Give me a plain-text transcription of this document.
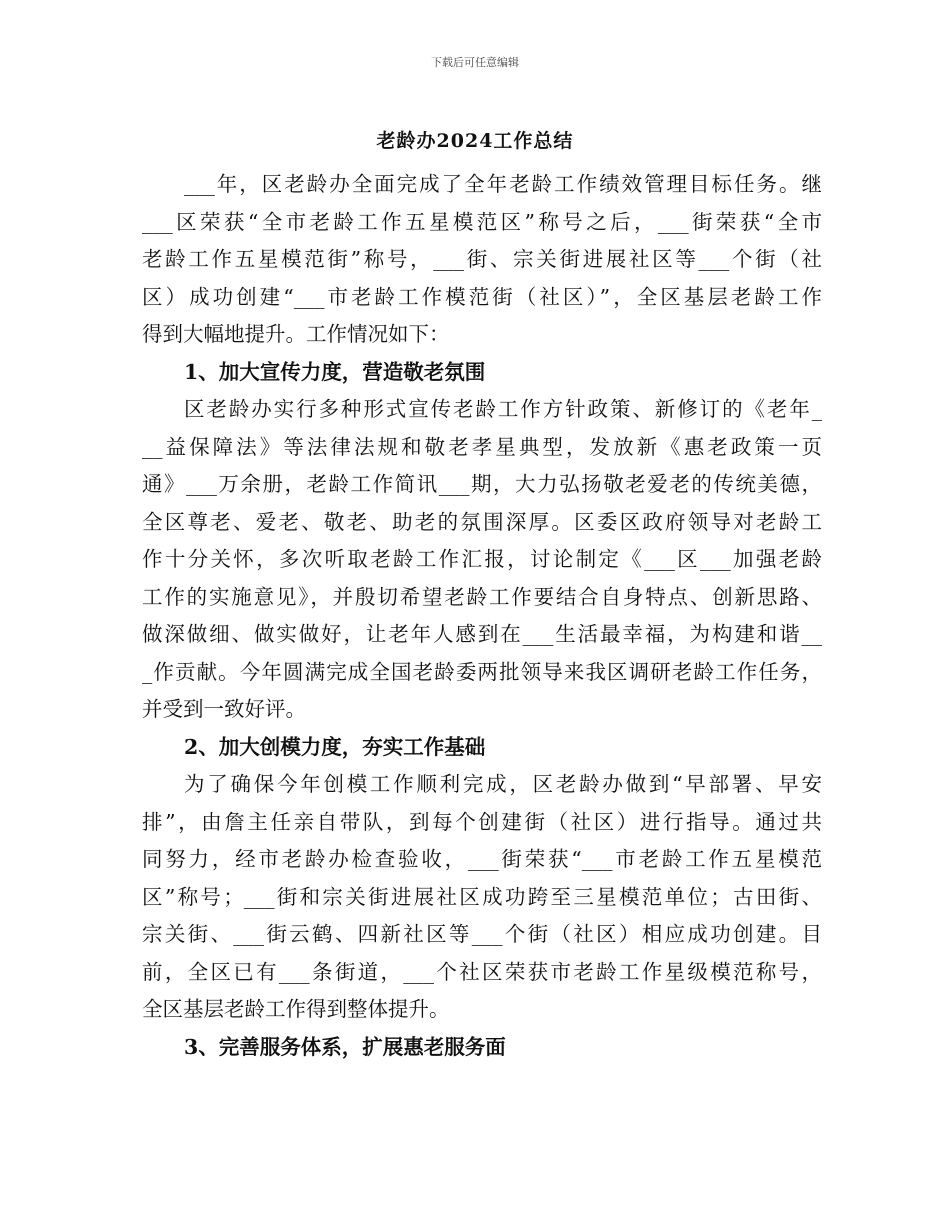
下载后可任意编辑
老龄办2024工作总结
___年，区老龄办全面完成了全年老龄工作绩效管理目标任务。继
___区荣获“全市老龄工作五星模范区”称号之后，___街荣获“全市
老龄工作五星模范街”称号，___街、宗关街进展社区等___个街（社
区）成功创建“___市老龄工作模范街（社区）”，全区基层老龄工作
得到大幅地提升。工作情况如下：
1、加大宣传力度，营造敬老氛围
区老龄办实行多种形式宣传老龄工作方针政策、新修订的《老年_
__益保障法》等法律法规和敬老孝星典型，发放新《惠老政策一页
通》___万余册，老龄工作简讯___期，大力弘扬敬老爱老的传统美德，
全区尊老、爱老、敬老、助老的氛围深厚。区委区政府领导对老龄工
作十分关怀，多次听取老龄工作汇报，讨论制定《___区___加强老龄
工作的实施意见》，并殷切希望老龄工作要结合自身特点、创新思路、
做深做细、做实做好，让老年人感到在___生活最幸福，为构建和谐__
_作贡献。今年圆满完成全国老龄委两批领导来我区调研老龄工作任务，
并受到一致好评。
2、加大创模力度，夯实工作基础
为了确保今年创模工作顺利完成，区老龄办做到“早部署、早安
排”，由詹主任亲自带队，到每个创建街（社区）进行指导。通过共
同努力，经市老龄办检查验收，___街荣获“___市老龄工作五星模范
区”称号；___街和宗关街进展社区成功跨至三星模范单位；古田街、
宗关街、___街云鹤、四新社区等___个街（社区）相应成功创建。目
前，全区已有___条街道，___个社区荣获市老龄工作星级模范称号，
全区基层老龄工作得到整体提升。
3、完善服务体系，扩展惠老服务面
